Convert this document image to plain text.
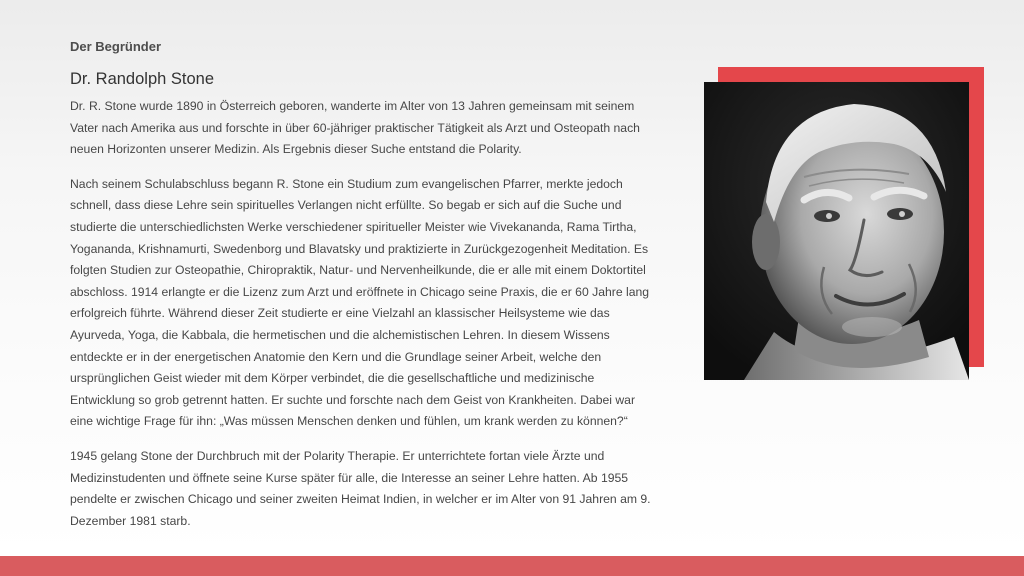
Der Begründer
Dr. Randolph Stone

Dr. R. Stone wurde 1890 in Österreich geboren, wanderte im Alter von 13 Jahren gemeinsam mit seinem Vater nach Amerika aus und forschte in über 60-jähriger praktischer Tätigkeit als Arzt und Osteopath nach neuen Horizonten unserer Medizin. Als Ergebnis dieser Suche entstand die Polarity.

Nach seinem Schulabschluss begann R. Stone ein Studium zum evangelischen Pfarrer, merkte jedoch schnell, dass diese Lehre sein spirituelles Verlangen nicht erfüllte. So begab er sich auf die Suche und studierte die unterschiedlichsten Werke verschiedener spiritueller Meister wie Vivekananda, Rama Tirtha, Yogananda, Krishnamurti, Swedenborg und Blavatsky und praktizierte in Zurückgezogenheit Meditation. Es folgten Studien zur Osteopathie, Chiropraktik, Natur- und Nervenheilkunde, die er alle mit einem Doktortitel abschloss. 1914 erlangte er die Lizenz zum Arzt und eröffnete in Chicago seine Praxis, die er 60 Jahre lang erfolgreich führte. Während dieser Zeit studierte er eine Vielzahl an klassischer Heilsysteme wie das Ayurveda, Yoga, die Kabbala, die hermetischen und die alchemistischen Lehren. In diesem Wissens entdeckte er in der energetischen Anatomie den Kern und die Grundlage seiner Arbeit, welche den ursprünglichen Geist wieder mit dem Körper verbindet, die die gesellschaftliche und medizinische Entwicklung so grob getrennt hatten. Er suchte und forschte nach dem Geist von Krankheiten. Dabei war eine wichtige Frage für ihn: „Was müssen Menschen denken und fühlen, um krank werden zu können?“

1945 gelang Stone der Durchbruch mit der Polarity Therapie. Er unterrichtete fortan viele Ärzte und Medizinstudenten und öffnete seine Kurse später für alle, die Interesse an seiner Lehre hatten. Ab 1955 pendelte er zwischen Chicago und seiner zweiten Heimat Indien, in welcher er im Alter von 91 Jahren am 9. Dezember 1981 starb.
